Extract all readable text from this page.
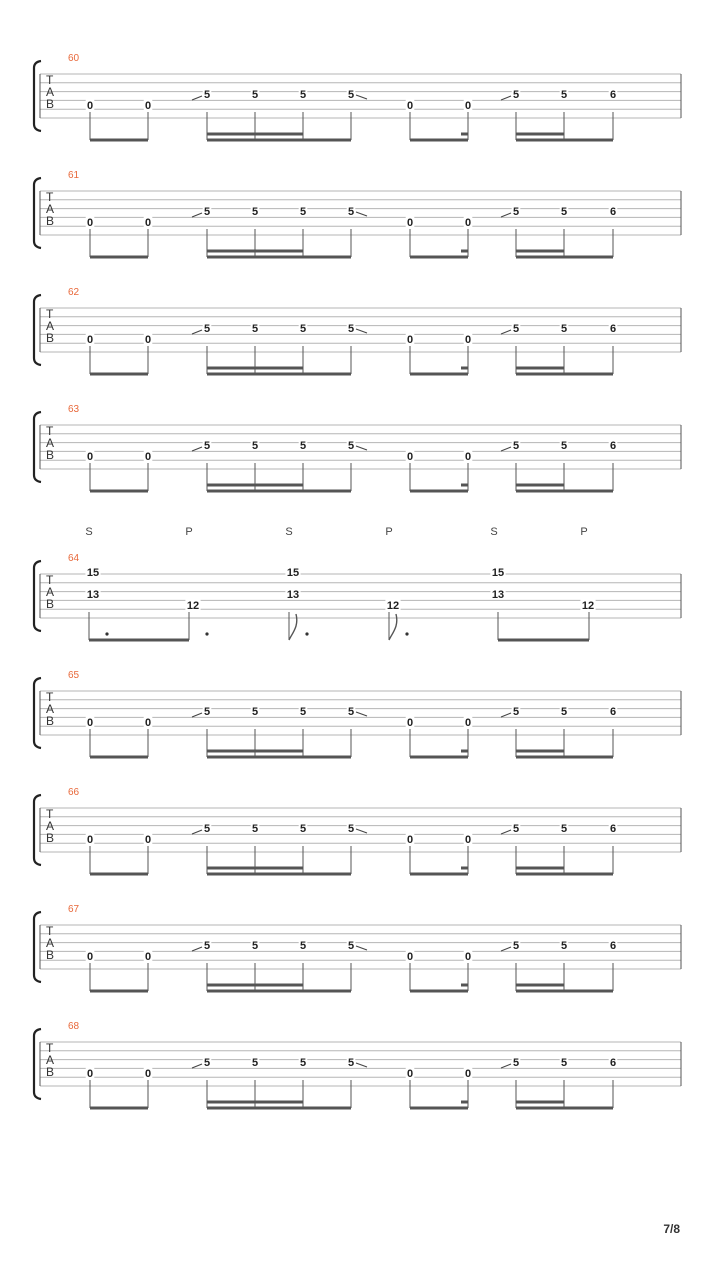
T
A
B
60
0	0
5	5	5	5
0	0
5	5	6
T
A
B
61
0	0
5	5	5	5
0	0
5	5	6
T
A
B
62
0	0
5	5	5	5
0	0
5	5	6
T
A
B
63
0	0
5	5	5	5
0	0
5	5	6
T
A
B
64
S	P	S	P	S	P
15
13
12
15
13
12
15
13
12
T
A
B
65
0	0
5	5	5	5
0	0
5	5	6
T
A
B
66
0	0
5	5	5	5
0	0
5	5	6
T
A
B
67
0	0
5	5	5	5
0	0
5	5	6
T
A
B
68
0	0
5	5	5	5
0	0
5	5	6
7/8
